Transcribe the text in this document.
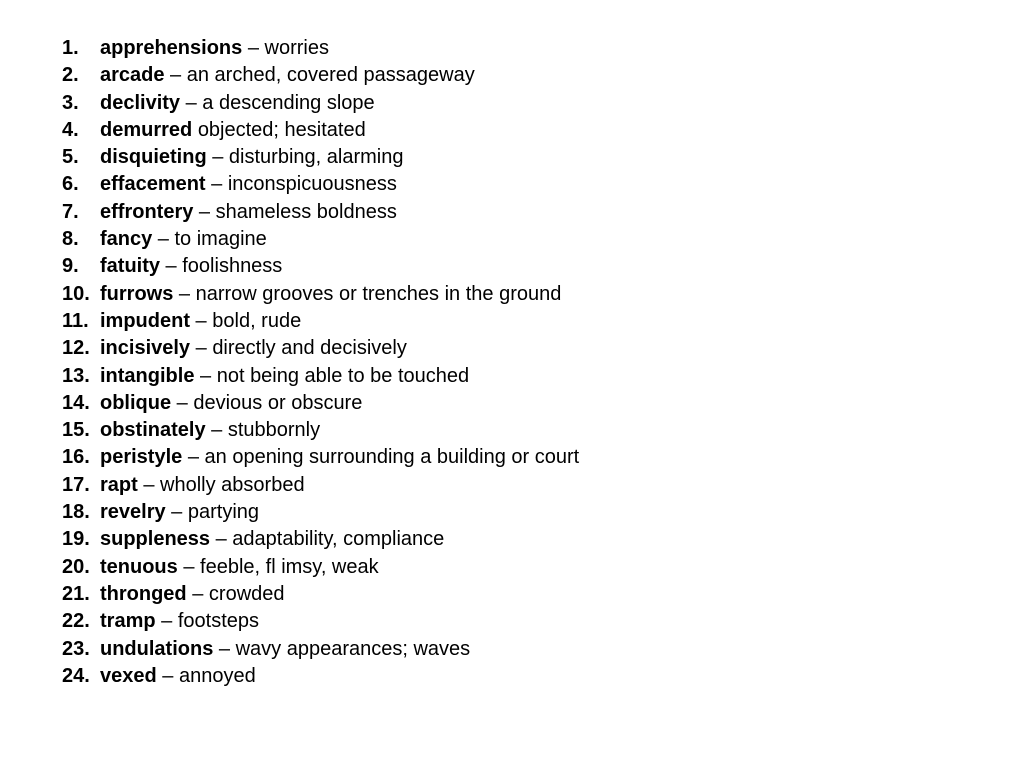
1.	apprehensions – worries
2.	arcade – an arched, covered passageway
3.	declivity – a descending slope
4.	demurred
objected; hesitated
5.	disquieting – disturbing, alarming
6.	effacement – inconspicuousness
7.	effrontery – shameless boldness
8.	fancy – to imagine
9.	fatuity – foolishness
10. furrows – narrow grooves or trenches in the ground
11. impudent – bold, rude
12. incisively – directly and decisively
13. intangible – not being able to be touched
14. oblique – devious or obscure
15. obstinately – stubbornly
16. peristyle – an opening surrounding a building or court
17. rapt – wholly absorbed
18. revelry – partying
19. suppleness – adaptability, compliance
20. tenuous – feeble, fl imsy, weak
21. thronged – crowded
22. tramp – footsteps
23. undulations – wavy appearances; waves
24. vexed – annoyed
